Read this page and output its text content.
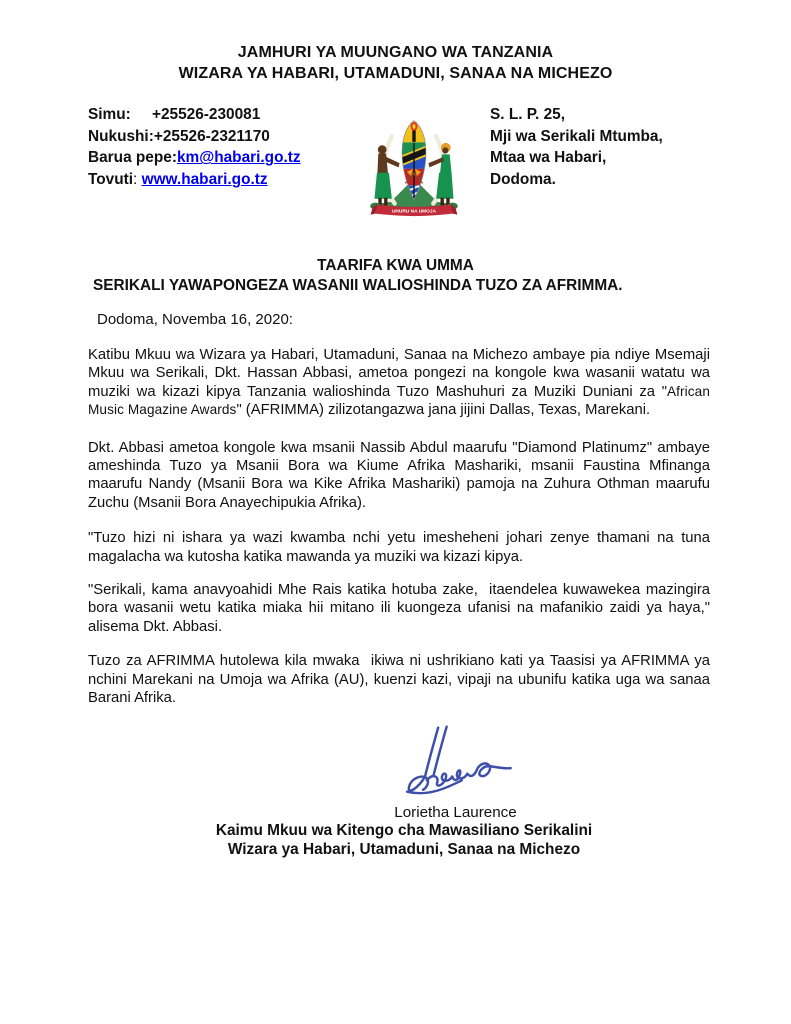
JAMHURI YA MUUNGANO WA TANZANIA
WIZARA YA HABARI, UTAMADUNI, SANAA NA MICHEZO
Simu: +25526-230081
Nukushi:+25526-2321170
Barua pepe:km@habari.go.tz
Tovuti: www.habari.go.tz
UHURU NA UMOJA
S. L. P. 25,
Mji wa Serikali Mtumba,
Mtaa wa Habari,
Dodoma.
TAARIFA KWA UMMA
SERIKALI YAWAPONGEZA WASANII WALIOSHINDA TUZO ZA AFRIMMA.
Dodoma, Novemba 16, 2020:

Katibu Mkuu wa Wizara ya Habari, Utamaduni, Sanaa na Michezo ambaye pia ndiye Msemaji Mkuu wa Serikali, Dkt. Hassan Abbasi, ametoa pongezi na kongole kwa wasanii watatu wa muziki wa kizazi kipya Tanzania walioshinda Tuzo Mashuhuri za Muziki Duniani za "African Music Magazine Awards" (AFRIMMA) zilizotangazwa jana jijini Dallas, Texas, Marekani.

Dkt. Abbasi ametoa kongole kwa msanii Nassib Abdul maarufu "Diamond Platinumz" ambaye ameshinda Tuzo ya Msanii Bora wa Kiume Afrika Mashariki, msanii Faustina Mfinanga maarufu Nandy (Msanii Bora wa Kike Afrika Mashariki) pamoja na Zuhura Othman maarufu Zuchu (Msanii Bora Anayechipukia Afrika).

"Tuzo hizi ni ishara ya wazi kwamba nchi yetu imesheheni johari zenye thamani na tuna magalacha wa kutosha katika mawanda ya muziki wa kizazi kipya.

"Serikali, kama anavyoahidi Mhe Rais katika hotuba zake,  itaendelea kuwawekea mazingira bora wasanii wetu katika miaka hii mitano ili kuongeza ufanisi na mafanikio zaidi ya haya," alisema Dkt. Abbasi.

Tuzo za AFRIMMA hutolewa kila mwaka  ikiwa ni ushrikiano kati ya Taasisi ya AFRIMMA ya nchini Marekani na Umoja wa Afrika (AU), kuenzi kazi, vipaji na ubunifu katika uga wa sanaa Barani Afrika.

Lorietha Laurence
Kaimu Mkuu wa Kitengo cha Mawasiliano Serikalini
Wizara ya Habari, Utamaduni, Sanaa na Michezo
